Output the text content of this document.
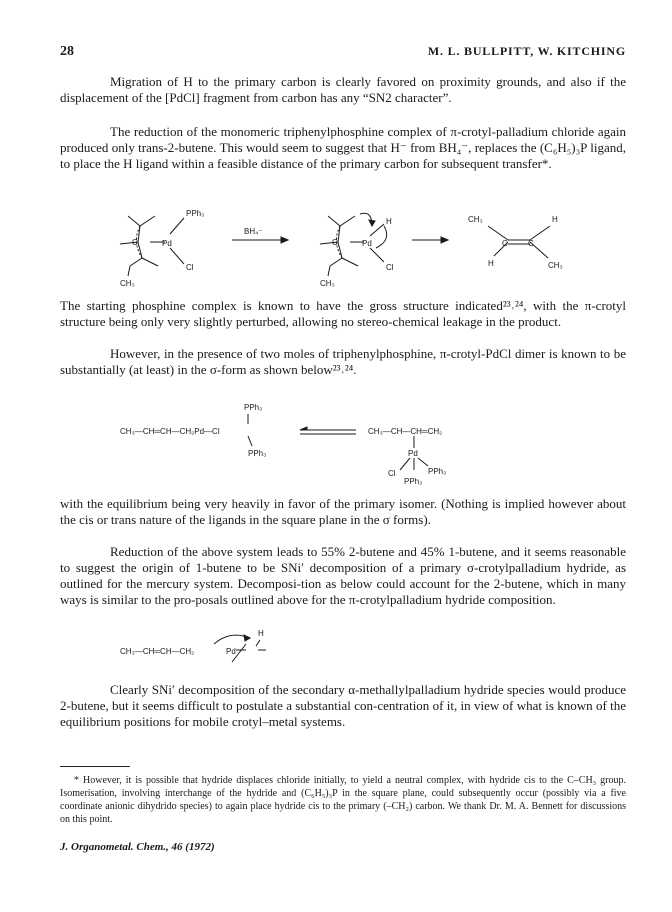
28	M. L. BULLPITT, W. KITCHING

Migration of H to the primary carbon is clearly favored on proximity grounds, and also if the displacement of the [PdCl] fragment from carbon has any “SN2 character”.

The reduction of the monomeric triphenylphosphine complex of π-crotyl-palladium chloride again produced only trans-2-butene. This would seem to suggest that H⁻ from BH₄⁻, replaces the (C₆H₅)₃P ligand, to place the H ligand within a feasible distance of the primary carbon for subsequent transfer*.

PPh₃
Pd
Cl
CH₃
C
BH₄⁻
H
Pd
Cl
CH₃
C
CH₃	H
H	CH₃
C	C

The starting phosphine complex is known to have the gross structure indicated²³˒²⁴, with the π-crotyl structure being only very slightly perturbed, allowing no stereo-chemical leakage in the product.

However, in the presence of two moles of triphenylphosphine, π-crotyl-PdCl dimer is known to be substantially (at least) in the σ-form as shown below²³˒²⁴.

PPh₃
CH₃—CH═CH—CH₂Pd—Cl
PPh₃
CH₃—CH—CH═CH₂
Pd
Cl	PPh₃
PPh₃

with the equilibrium being very heavily in favor of the primary isomer. (Nothing is implied however about the cis or trans nature of the ligands in the square plane in the σ forms).

Reduction of the above system leads to 55% 2-butene and 45% 1-butene, and it seems reasonable to suggest the origin of 1-butene to be SNi′ decomposition of a primary σ-crotylpalladium hydride, as outlined for the mercury system. Decomposi-tion as below could account for the 2-butene, which in many ways is similar to the pro-posals outlined above for the π-crotylpalladium hydride composition.

CH₃—CH═CH—CH₂	Pd
H

Clearly SNi′ decomposition of the secondary α-methallylpalladium hydride species would produce 2-butene, but it seems difficult to postulate a substantial con-centration of it, in view of what is known of the equilibrium positions for mobile crotyl–metal systems.

* However, it is possible that hydride displaces chloride initially, to yield a neutral complex, with hydride cis to the C–CH₃ group. Isomerisation, involving interchange of the hydride and (C₆H₅)₃P in the square plane, could subsequently occur (possibly via a five coordinate anionic dihydrido species) to again place hydride cis to the primary (–CH₂) carbon. We thank Dr. M. A. Bennett for discussions on this point.

J. Organometal. Chem., 46 (1972)
